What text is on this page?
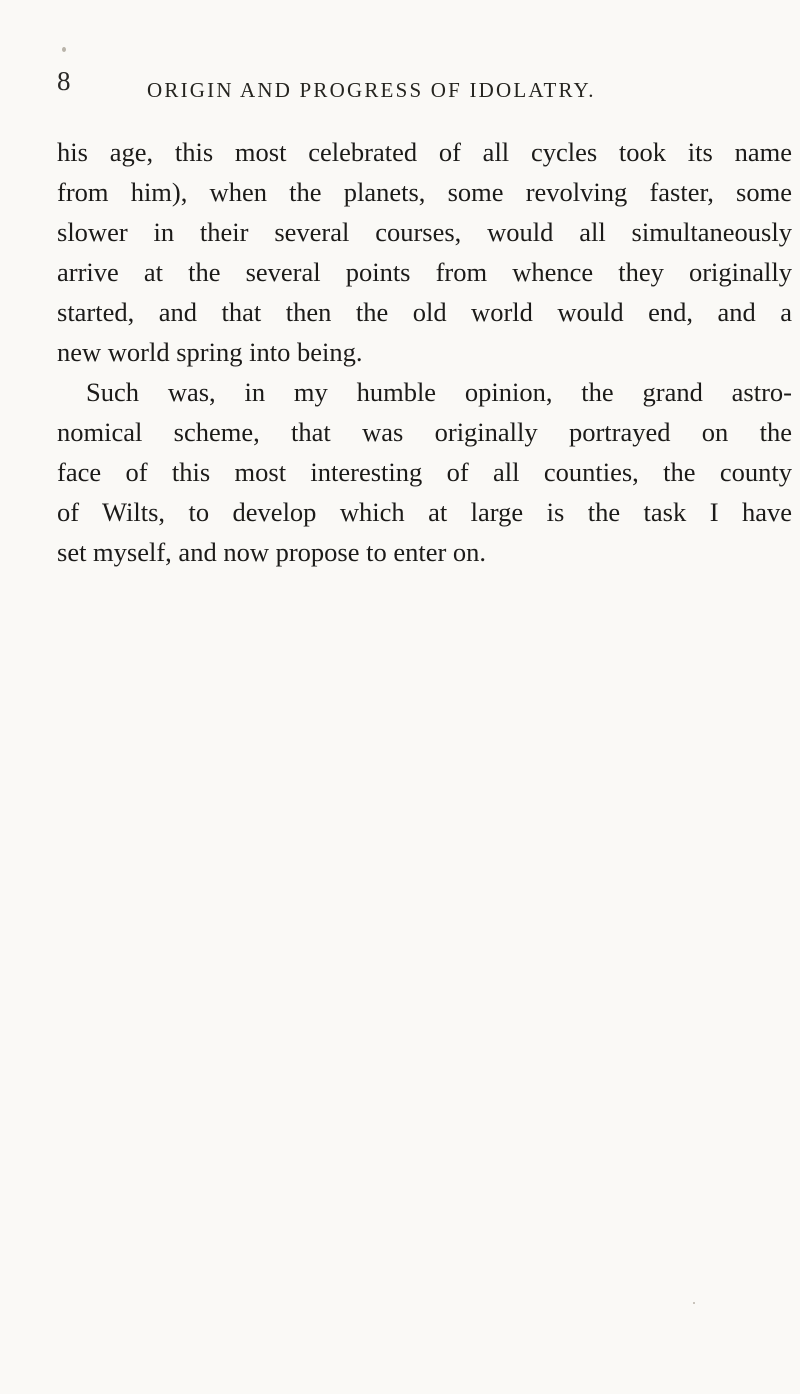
8	ORIGIN AND PROGRESS OF IDOLATRY.
his age, this most celebrated of all cycles took its name
from him), when the planets, some revolving faster, some
slower in their several courses, would all simultaneously
arrive at the several points from whence they originally
started, and that then the old world would end, and a
new world spring into being.
Such was, in my humble opinion, the grand astro-
nomical scheme, that was originally portrayed on the
face of this most interesting of all counties, the county
of Wilts, to develop which at large is the task I have
set myself, and now propose to enter on.
